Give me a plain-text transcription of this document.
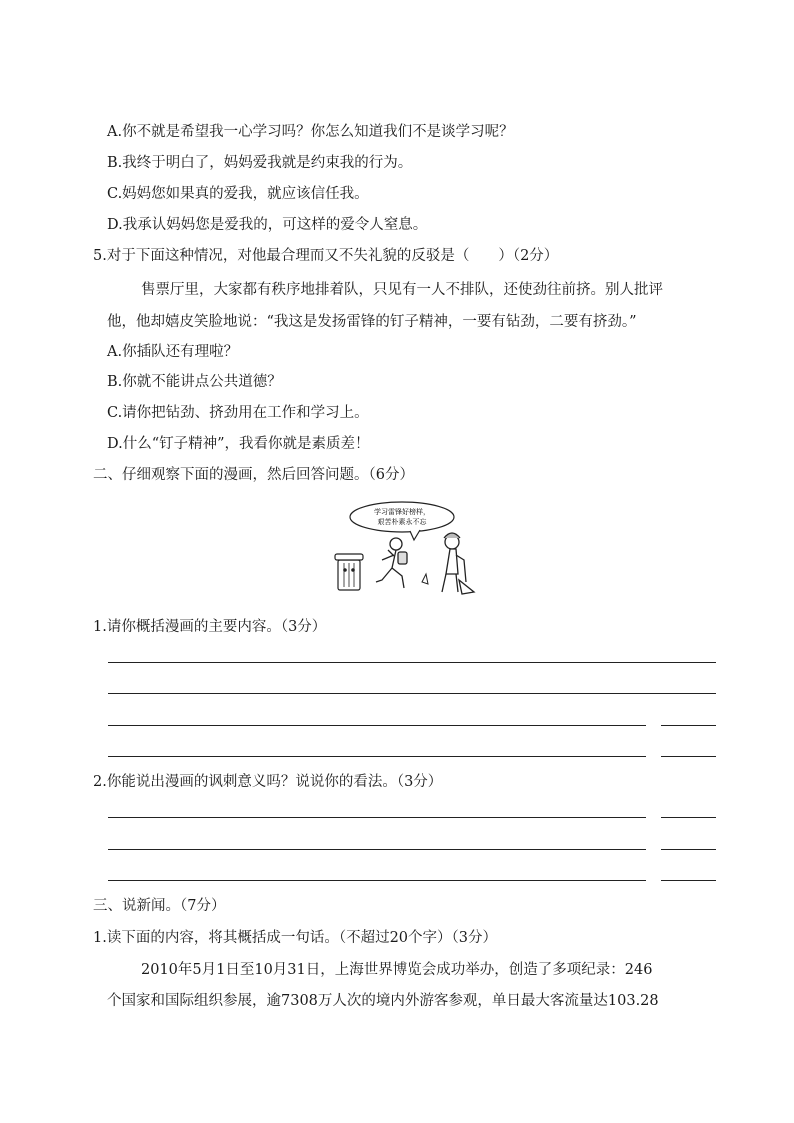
A.你不就是希望我一心学习吗？你怎么知道我们不是谈学习呢？
B.我终于明白了，妈妈爱我就是约束我的行为。
C.妈妈您如果真的爱我，就应该信任我。
D.我承认妈妈您是爱我的，可这样的爱令人窒息。
5.对于下面这种情况，对他最合理而又不失礼貌的反驳是（　　）（2分）
售票厅里，大家都有秩序地排着队，只见有一人不排队，还使劲往前挤。别人批评
他，他却嬉皮笑脸地说：“我这是发扬雷锋的钉子精神，一要有钻劲，二要有挤劲。”
A.你插队还有理啦？
B.你就不能讲点公共道德？
C.请你把钻劲、挤劲用在工作和学习上。
D.什么“钉子精神”，我看你就是素质差！
二、仔细观察下面的漫画，然后回答问题。（6分）
学习雷锋好榜样，
艰苦朴素永不忘
1.请你概括漫画的主要内容。（3分）
2.你能说出漫画的讽刺意义吗？说说你的看法。（3分）
三、说新闻。（7分）
1.读下面的内容，将其概括成一句话。（不超过20个字）（3分）
2010年5月1日至10月31日，上海世界博览会成功举办，创造了多项纪录：246
个国家和国际组织参展，逾7308万人次的境内外游客参观，单日最大客流量达103.28
